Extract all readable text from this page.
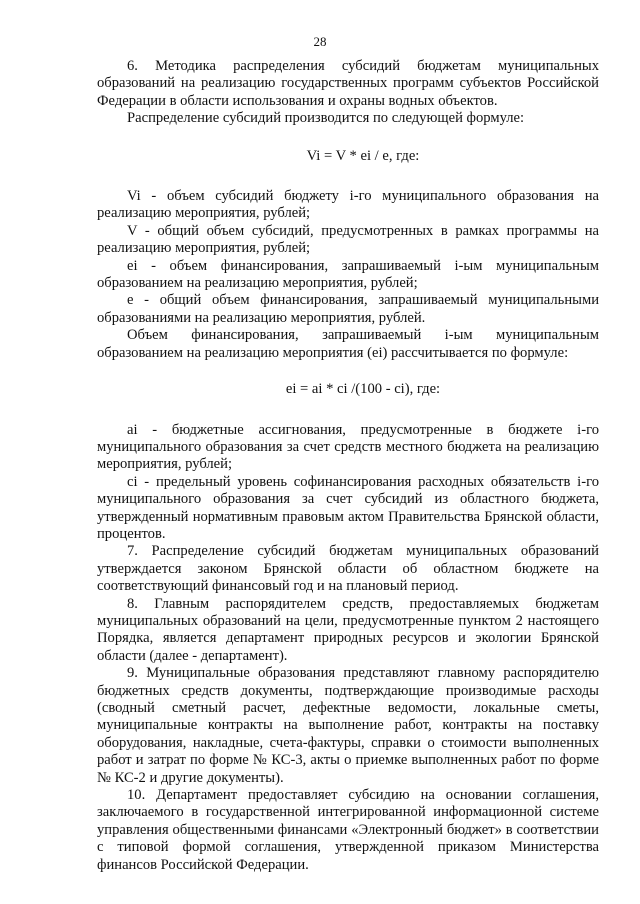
28

6. Методика распределения субсидий бюджетам муниципальных образований на реализацию государственных программ субъектов Российской Федерации в области использования и охраны водных объектов.

Распределение субсидий производится по следующей формуле:

Vi = V * ei / e, где:

Vi - объем субсидий бюджету i-го муниципального образования на реализацию мероприятия, рублей;

V - общий объем субсидий, предусмотренных в рамках программы на реализацию мероприятия, рублей;

ei - объем финансирования, запрашиваемый i-ым муниципальным образованием на реализацию мероприятия, рублей;

e - общий объем финансирования, запрашиваемый муниципальными образованиями на реализацию мероприятия, рублей.

Объем финансирования, запрашиваемый i-ым муниципальным образованием на реализацию мероприятия (ei) рассчитывается по формуле:

ei = ai * ci /(100 - ci), где:

ai - бюджетные ассигнования, предусмотренные в бюджете i-го муниципального образования за счет средств местного бюджета на реализацию мероприятия, рублей;

ci - предельный уровень софинансирования расходных обязательств i-го муниципального образования за счет субсидий из областного бюджета, утвержденный нормативным правовым актом Правительства Брянской области, процентов.

7. Распределение субсидий бюджетам муниципальных образований утверждается законом Брянской области об областном бюджете на соответствующий финансовый год и на плановый период.

8. Главным распорядителем средств, предоставляемых бюджетам муниципальных образований на цели, предусмотренные пунктом 2 настоящего Порядка, является департамент природных ресурсов и экологии Брянской области (далее - департамент).

9. Муниципальные образования представляют главному распорядителю бюджетных средств документы, подтверждающие производимые расходы (сводный сметный расчет, дефектные ведомости, локальные сметы, муниципальные контракты на выполнение работ, контракты на поставку оборудования, накладные, счета-фактуры, справки о стоимости выполненных работ и затрат по форме № КС-3, акты о приемке выполненных работ по форме № КС-2 и другие документы).

10. Департамент предоставляет субсидию на основании соглашения, заключаемого в государственной интегрированной информационной системе управления общественными финансами «Электронный бюджет» в соответствии с типовой формой соглашения, утвержденной приказом Министерства финансов Российской Федерации.
